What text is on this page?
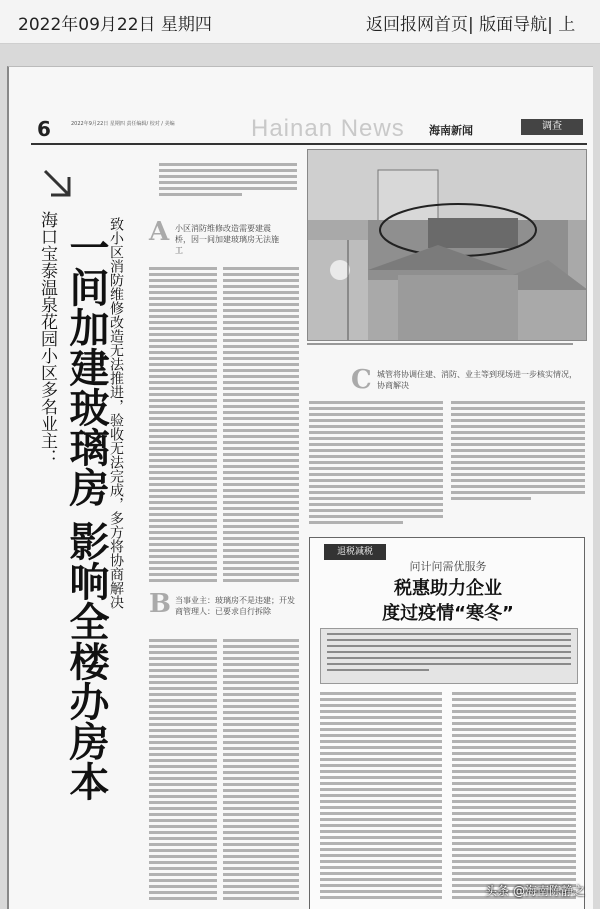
2022年09月22日 星期四	返回报网首页| 版面导航| 上
6	2022年9月22日 星期四 责任编辑/ 校对 / 美编	Hainan News 海南新闻	调查
海口宝泰温泉花园小区多名业主： 一间加建玻璃房 影响全楼办房本 致小区消防维修改造无法推进，验收无法完成，多方将协商解决 A 小区消防维修改造需要建震桥，因一间加建玻璃房无法施工
B 当事业主：玻璃房不是违建；开发商管理人：已要求自行拆除
C 城管将协调住建、消防、业主等到现场进一步核实情况，协商解决
退税减税
问计问需优服务
税惠助力企业
度过疫情“寒冬”
头条 @海南陈静之
